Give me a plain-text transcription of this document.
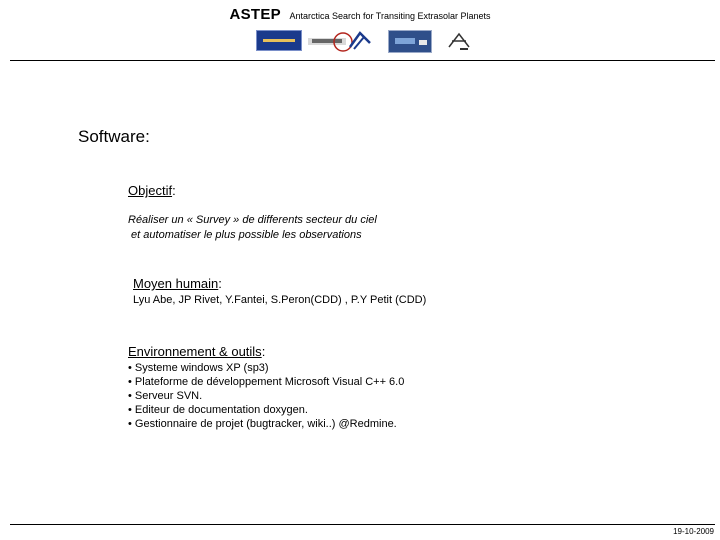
ASTEP Antarctica Search for Transiting Extrasolar Planets
Software:
Objectif:
Réaliser un « Survey » de differents secteur du ciel
et automatiser le plus possible les observations
Moyen humain:
Lyu Abe, JP Rivet, Y.Fantei, S.Peron(CDD) , P.Y Petit (CDD)
Environnement & outils:
• Systeme windows XP (sp3)
• Plateforme de développement Microsoft Visual C++ 6.0
• Serveur SVN.
• Editeur de documentation doxygen.
• Gestionnaire de projet (bugtracker, wiki..) @Redmine.
19-10-2009
